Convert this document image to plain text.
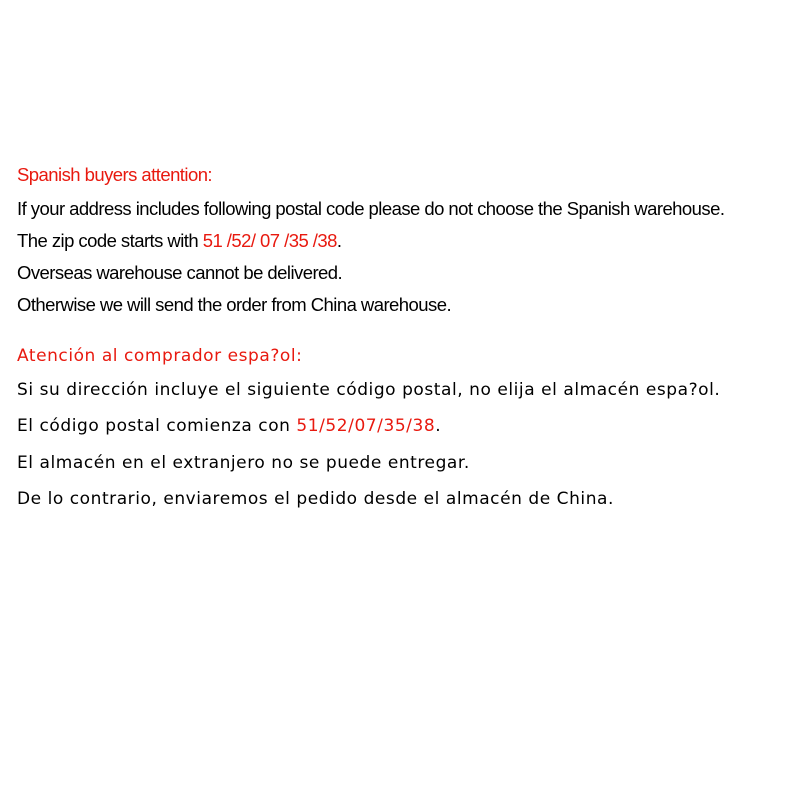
Spanish buyers attention:
If your address includes following postal code please do not choose the Spanish warehouse.
The zip code starts with 51 /52/ 07 /35 /38.
Overseas warehouse cannot be delivered.
Otherwise we will send the order from China warehouse.
Atención al comprador espa?ol:
Si su dirección incluye el siguiente código postal, no elija el almacén espa?ol.
El código postal comienza con 51/52/07/35/38.
El almacén en el extranjero no se puede entregar.
De lo contrario, enviaremos el pedido desde el almacén de China.
